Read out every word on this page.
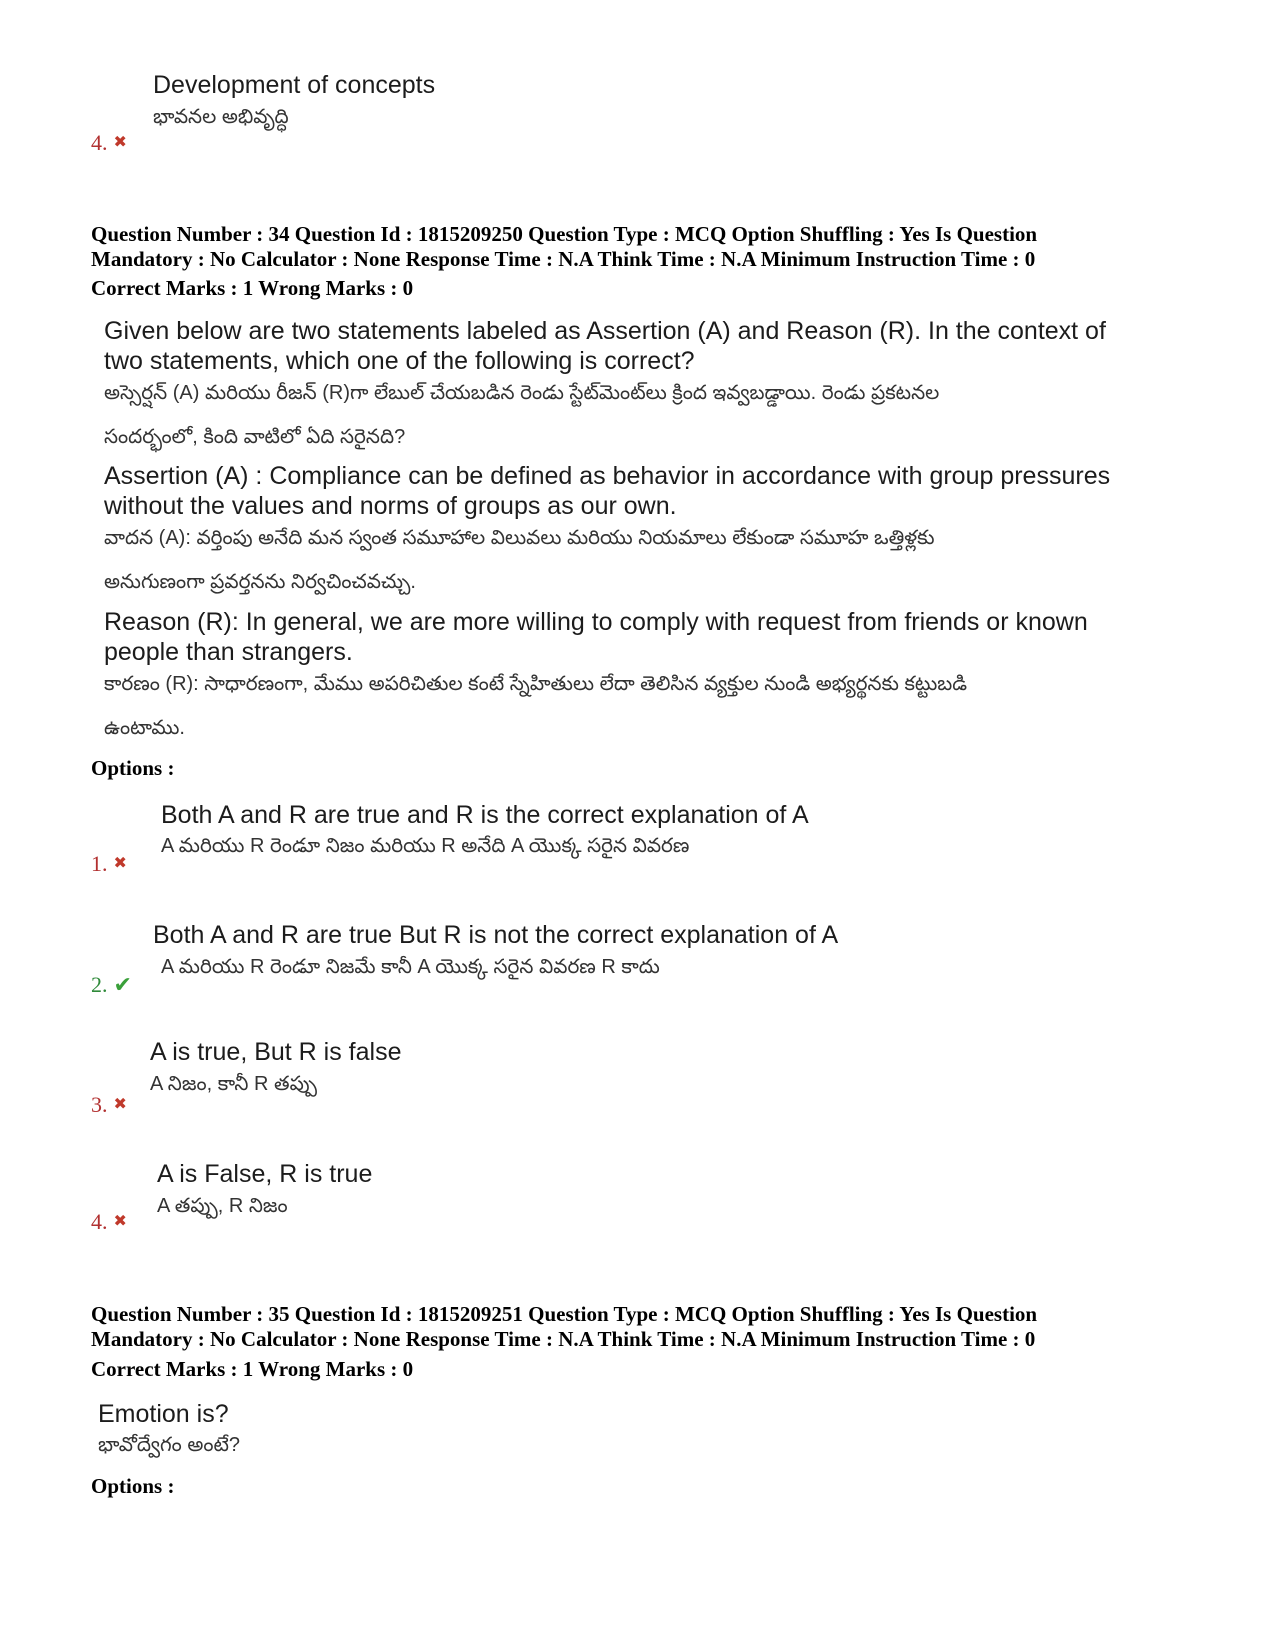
Development of concepts
భావనల అభివృద్ధి
4. ✖
Question Number : 34 Question Id : 1815209250 Question Type : MCQ Option Shuffling : Yes Is Question
Mandatory : No Calculator : None Response Time : N.A Think Time : N.A Minimum Instruction Time : 0
Correct Marks : 1 Wrong Marks : 0
Given below are two statements labeled as Assertion (A) and Reason (R). In the context of
two statements, which one of the following is correct?
అస్సెర్షన్ (A) మరియు రీజన్ (R)గా లేబుల్ చేయబడిన రెండు స్టేట్‌మెంట్‌లు క్రింద ఇవ్వబడ్డాయి. రెండు ప్రకటనల
సందర్భంలో, కింది వాటిలో ఏది సరైనది?
Assertion (A) : Compliance can be defined as behavior in accordance with group pressures
without the values and norms of groups as our own.
వాదన (A): వర్తింపు అనేది మన స్వంత సమూహాల విలువలు మరియు నియమాలు లేకుండా సమూహ ఒత్తిళ్లకు
అనుగుణంగా ప్రవర్తనను నిర్వచించవచ్చు.
Reason (R): In general, we are more willing to comply with request from friends or known
people than strangers.
కారణం (R): సాధారణంగా, మేము అపరిచితుల కంటే స్నేహితులు లేదా తెలిసిన వ్యక్తుల నుండి అభ్యర్థనకు కట్టుబడి
ఉంటాము.
Options :
Both A and R are true and R is the correct explanation of A
A మరియు R రెండూ నిజం మరియు R అనేది A యొక్క సరైన వివరణ
1. ✖
Both A and R are true But R is not the correct explanation of A
A మరియు R రెండూ నిజమే కానీ A యొక్క సరైన వివరణ R కాదు
2. ✔
A is true, But R is false
A నిజం, కానీ R తప్పు
3. ✖
A is False, R is true
A తప్పు, R నిజం
4. ✖
Question Number : 35 Question Id : 1815209251 Question Type : MCQ Option Shuffling : Yes Is Question
Mandatory : No Calculator : None Response Time : N.A Think Time : N.A Minimum Instruction Time : 0
Correct Marks : 1 Wrong Marks : 0
Emotion is?
భావోద్వేగం అంటే?
Options :
